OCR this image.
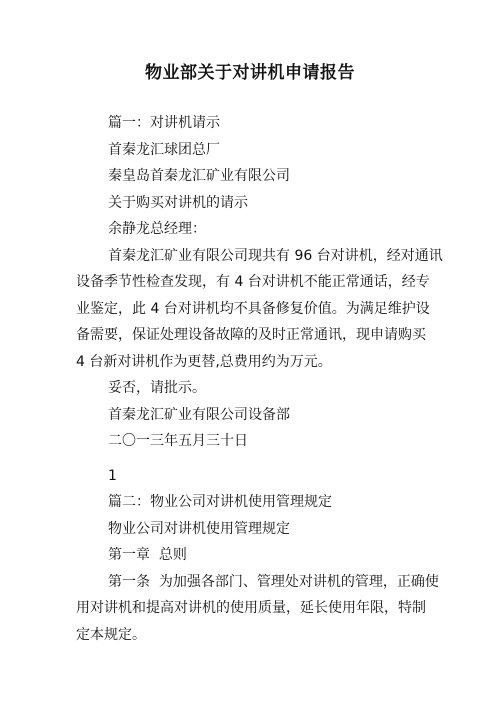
物业部关于对讲机申请报告

篇一：对讲机请示

首秦龙汇球团总厂

秦皇岛首秦龙汇矿业有限公司

关于购买对讲机的请示

余静龙总经理：

首秦龙汇矿业有限公司现共有 96 台对讲机，经对通讯
设备季节性检查发现，有 4 台对讲机不能正常通话，经专
业鉴定，此 4 台对讲机均不具备修复价值。为满足维护设
备需要，保证处理设备故障的及时正常通讯，现申请购买
4 台新对讲机作为更替,总费用约为万元。

妥否，请批示。

首秦龙汇矿业有限公司设备部

二〇一三年五月三十日

1

篇二：物业公司对讲机使用管理规定

物业公司对讲机使用管理规定

第一章  总则

第一条  为加强各部门、管理处对讲机的管理，正确使
用对讲机和提高对讲机的使用质量，延长使用年限，特制
定本规定。
